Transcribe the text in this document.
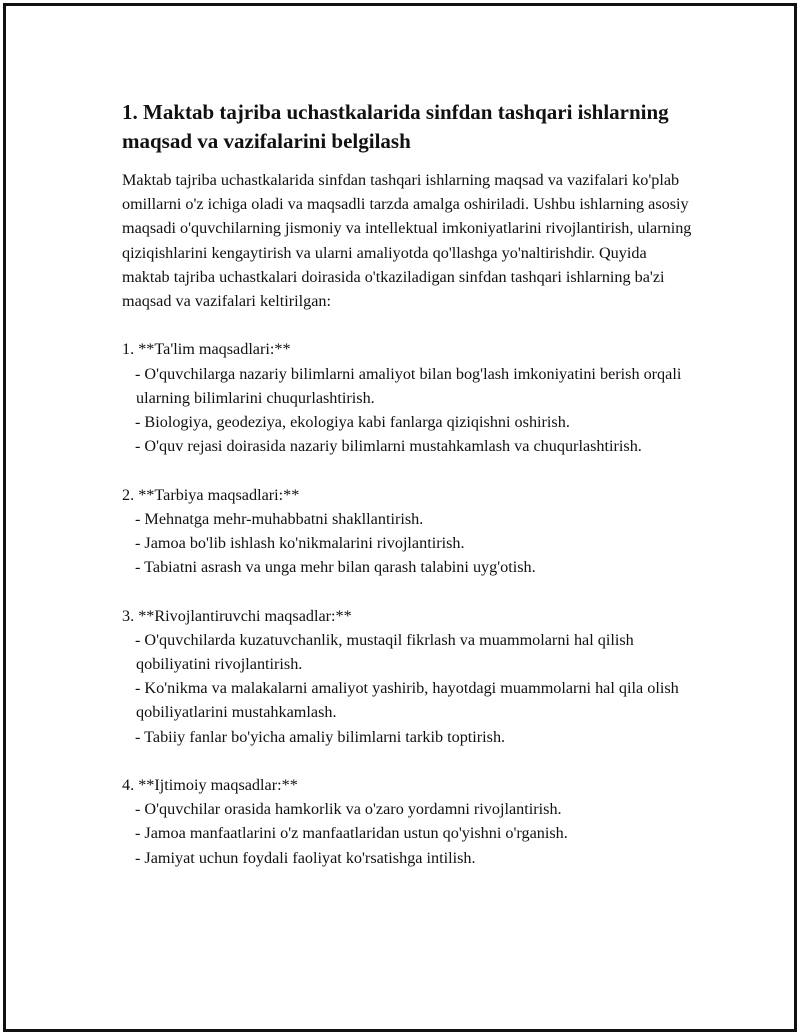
1. Maktab tajriba uchastkalarida sinfdan tashqari ishlarning maqsad va vazifalarini belgilash

Maktab tajriba uchastkalarida sinfdan tashqari ishlarning maqsad va vazifalari ko'plab omillarni o'z ichiga oladi va maqsadli tarzda amalga oshiriladi. Ushbu ishlarning asosiy maqsadi o'quvchilarning jismoniy va intellektual imkoniyatlarini rivojlantirish, ularning qiziqishlarini kengaytirish va ularni amaliyotda qo'llashga yo'naltirishdir. Quyida maktab tajriba uchastkalari doirasida o'tkaziladigan sinfdan tashqari ishlarning ba'zi maqsad va vazifalari keltirilgan:

1. **Ta'lim maqsadlari:**

- O'quvchilarga nazariy bilimlarni amaliyot bilan bog'lash imkoniyatini berish orqali ularning bilimlarini chuqurlashtirish.

- Biologiya, geodeziya, ekologiya kabi fanlarga qiziqishni oshirish.

- O'quv rejasi doirasida nazariy bilimlarni mustahkamlash va chuqurlashtirish.

2. **Tarbiya maqsadlari:**

- Mehnatga mehr-muhabbatni shakllantirish.

- Jamoa bo'lib ishlash ko'nikmalarini rivojlantirish.

- Tabiatni asrash va unga mehr bilan qarash talabini uyg'otish.

3. **Rivojlantiruvchi maqsadlar:**

- O'quvchilarda kuzatuvchanlik, mustaqil fikrlash va muammolarni hal qilish qobiliyatini rivojlantirish.

- Ko'nikma va malakalarni amaliyot yashirib, hayotdagi muammolarni hal qila olish qobiliyatlarini mustahkamlash.

- Tabiiy fanlar bo'yicha amaliy bilimlarni tarkib toptirish.

4. **Ijtimoiy maqsadlar:**

- O'quvchilar orasida hamkorlik va o'zaro yordamni rivojlantirish.

- Jamoa manfaatlarini o'z manfaatlaridan ustun qo'yishni o'rganish.

- Jamiyat uchun foydali faoliyat ko'rsatishga intilish.
